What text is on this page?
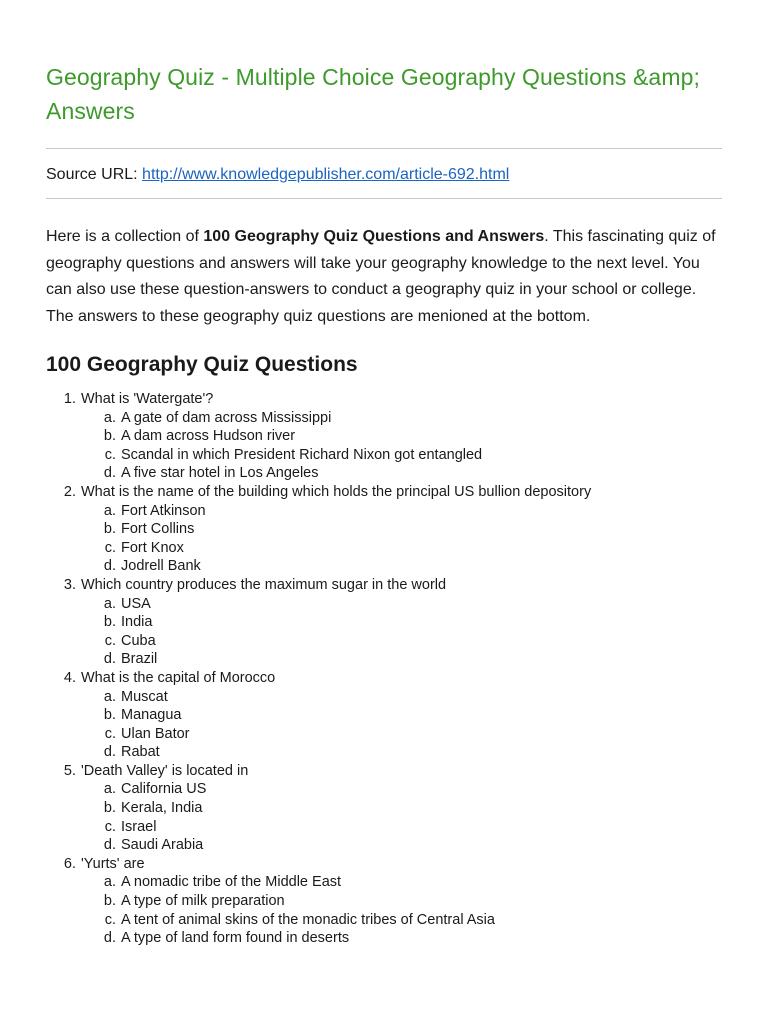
Geography Quiz - Multiple Choice Geography Questions &amp; Answers

Source URL: http://www.knowledgepublisher.com/article-692.html

Here is a collection of 100 Geography Quiz Questions and Answers. This fascinating quiz of geography questions and answers will take your geography knowledge to the next level. You can also use these question-answers to conduct a geography quiz in your school or college. The answers to these geography quiz questions are menioned at the bottom.

100 Geography Quiz Questions
1. What is 'Watergate'?
a. A gate of dam across Mississippi
b. A dam across Hudson river
c. Scandal in which President Richard Nixon got entangled
d. A five star hotel in Los Angeles
2. What is the name of the building which holds the principal US bullion depository
a. Fort Atkinson
b. Fort Collins
c. Fort Knox
d. Jodrell Bank
3. Which country produces the maximum sugar in the world
a. USA
b. India
c. Cuba
d. Brazil
4. What is the capital of Morocco
a. Muscat
b. Managua
c. Ulan Bator
d. Rabat
5. 'Death Valley' is located in
a. California US
b. Kerala, India
c. Israel
d. Saudi Arabia
6. 'Yurts' are
a. A nomadic tribe of the Middle East
b. A type of milk preparation
c. A tent of animal skins of the monadic tribes of Central Asia
d. A type of land form found in deserts
